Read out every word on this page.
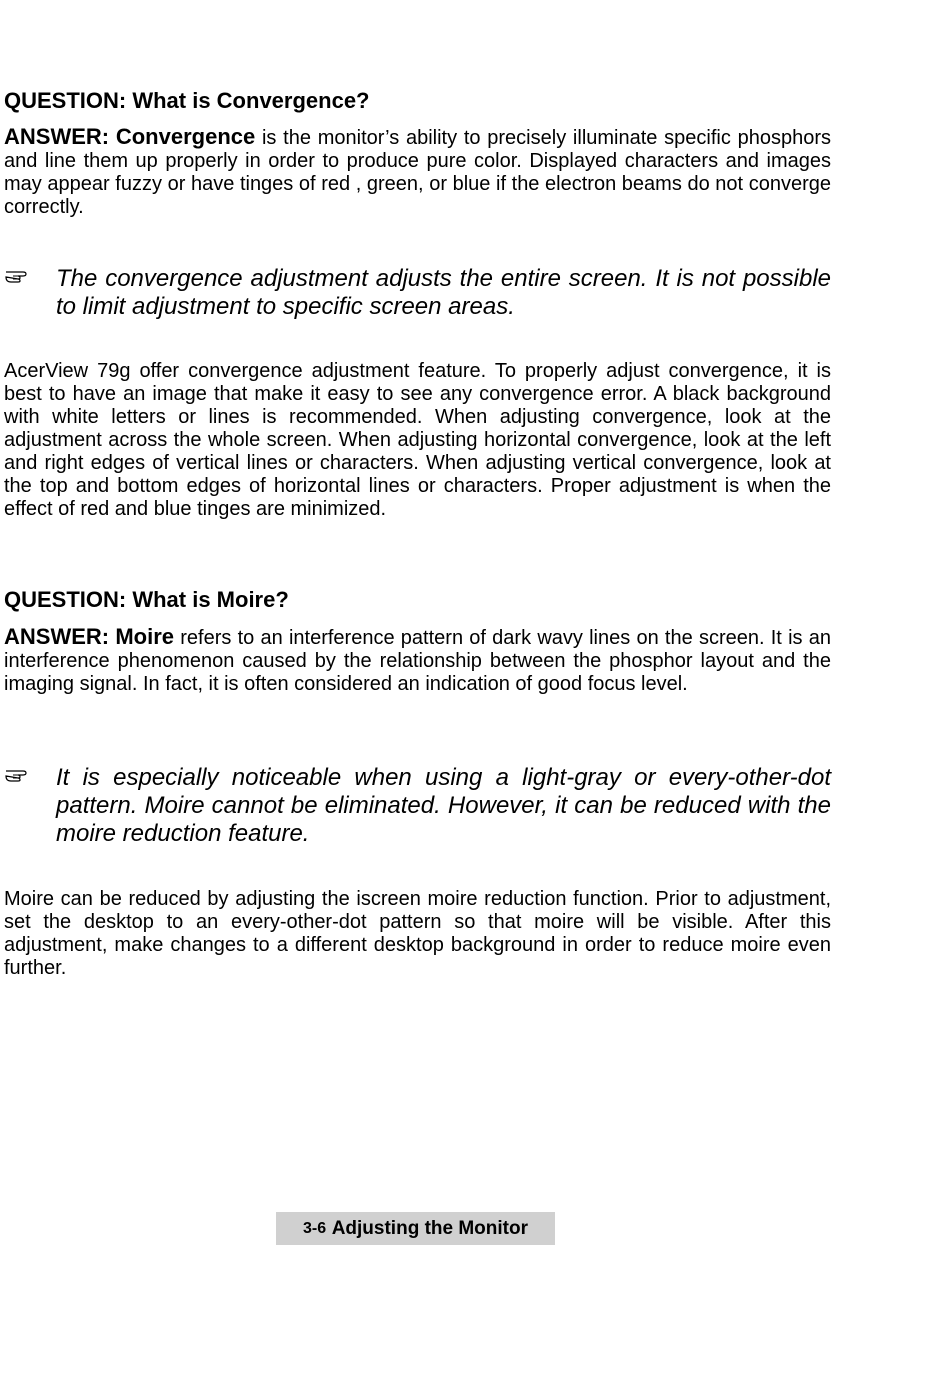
QUESTION: What is Convergence?

ANSWER: Convergence is the monitor’s ability to precisely illuminate specific phosphors and line them up properly in order to produce pure color. Displayed characters and images may appear fuzzy or have tinges of red , green, or blue if the electron beams do not converge correctly.

The convergence adjustment adjusts the entire screen. It is not possible to limit adjustment to specific screen areas.

AcerView 79g offer convergence adjustment feature. To properly adjust convergence, it is best to have an image that make it easy to see any convergence error. A black background with white letters or lines is recommended. When adjusting convergence, look at the adjustment across the whole screen. When adjusting horizontal convergence, look at the left and right edges of vertical lines or characters. When adjusting vertical convergence, look at the top and bottom edges of horizontal lines or characters. Proper adjustment is when the effect of red and blue tinges are minimized.

QUESTION: What is Moire?

ANSWER: Moire refers to an interference pattern of dark wavy lines on the screen. It is an interference phenomenon caused by the relationship between the phosphor layout and the imaging signal. In fact, it is often considered an indication of good focus level.

It is especially noticeable when using a light-gray or every-other-dot pattern. Moire cannot be eliminated. However, it can be reduced with the moire reduction feature.

Moire can be reduced by adjusting the iscreen moire reduction function. Prior to adjustment, set the desktop to an every-other-dot pattern so that moire will be visible. After this adjustment, make changes to a different desktop background in order to reduce moire even further.

3-6 Adjusting the Monitor
